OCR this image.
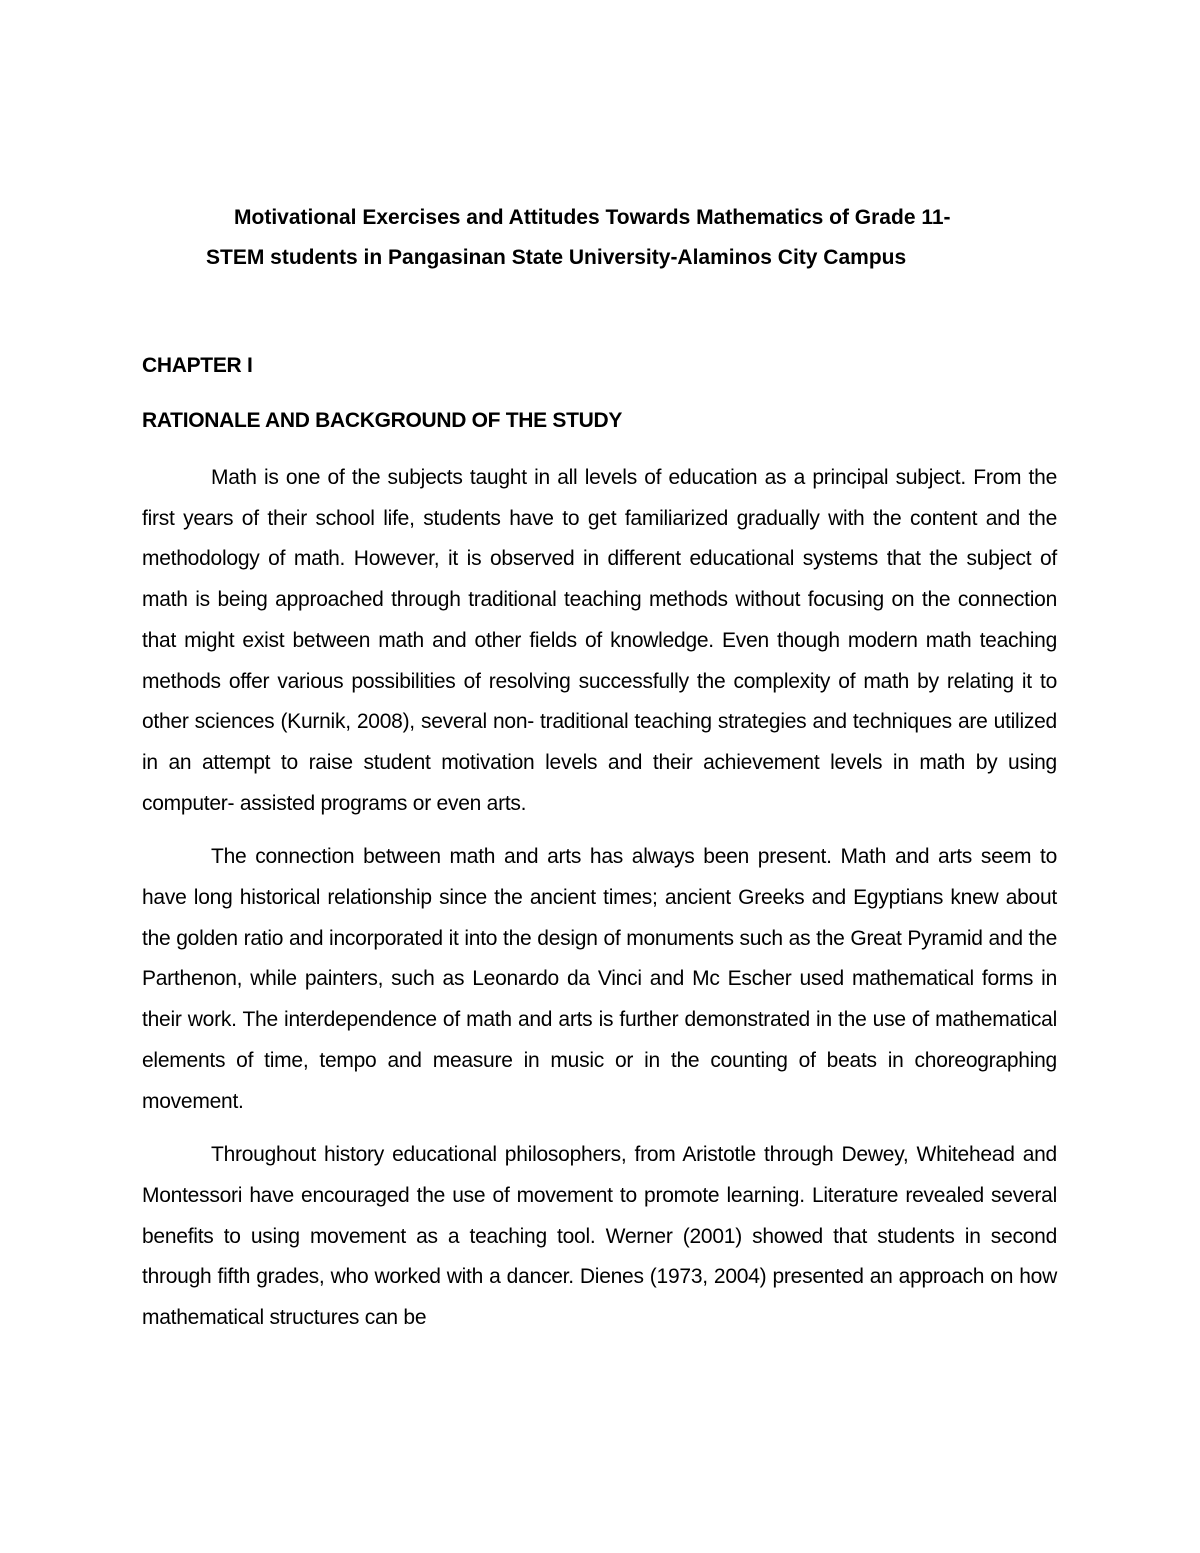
Motivational Exercises and Attitudes Towards Mathematics of Grade 11-
STEM students in Pangasinan State University-Alaminos City Campus
CHAPTER I
RATIONALE AND BACKGROUND OF THE STUDY

Math is one of the subjects taught in all levels of education as a principal subject. From the first years of their school life, students have to get familiarized gradually with the content and the methodology of math. However, it is observed in different educational systems that the subject of math is being approached through traditional teaching methods without focusing on the connection that might exist between math and other fields of knowledge. Even though modern math teaching methods offer various possibilities of resolving successfully the complexity of math by relating it to other sciences (Kurnik, 2008), several non- traditional teaching strategies and techniques are utilized in an attempt to raise student motivation levels and their achievement levels in math by using computer- assisted programs or even arts.

The connection between math and arts has always been present. Math and arts seem to have long historical relationship since the ancient times; ancient Greeks and Egyptians knew about the golden ratio and incorporated it into the design of monuments such as the Great Pyramid and the Parthenon, while painters, such as Leonardo da Vinci and Mc Escher used mathematical forms in their work. The interdependence of math and arts is further demonstrated in the use of mathematical elements of time, tempo and measure in music or in the counting of beats in choreographing movement.

Throughout history educational philosophers, from Aristotle through Dewey, Whitehead and Montessori have encouraged the use of movement to promote learning. Literature revealed several benefits to using movement as a teaching tool. Werner (2001) showed that students in second through fifth grades, who worked with a dancer. Dienes (1973, 2004) presented an approach on how mathematical structures can be
